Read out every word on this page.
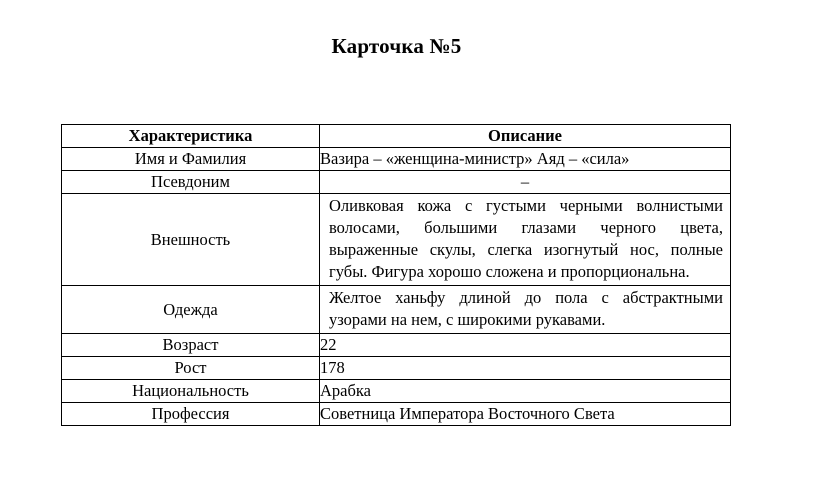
Карточка №5
Характеристика	Описание
Имя и Фамилия	Вазира – «женщина-министр» Аяд – «сила»
Псевдоним	–
Внешность	Оливковая кожа с густыми черными волнистыми волосами, большими глазами черного цвета, выраженные скулы, слегка изогнутый нос, полные губы. Фигура хорошо сложена и пропорциональна.
Одежда	Желтое ханьфу длиной до пола с абстрактными узорами на нем, с широкими рукавами.
Возраст	22
Рост	178
Национальность	Арабка
Профессия	Советница Императора Восточного Света
